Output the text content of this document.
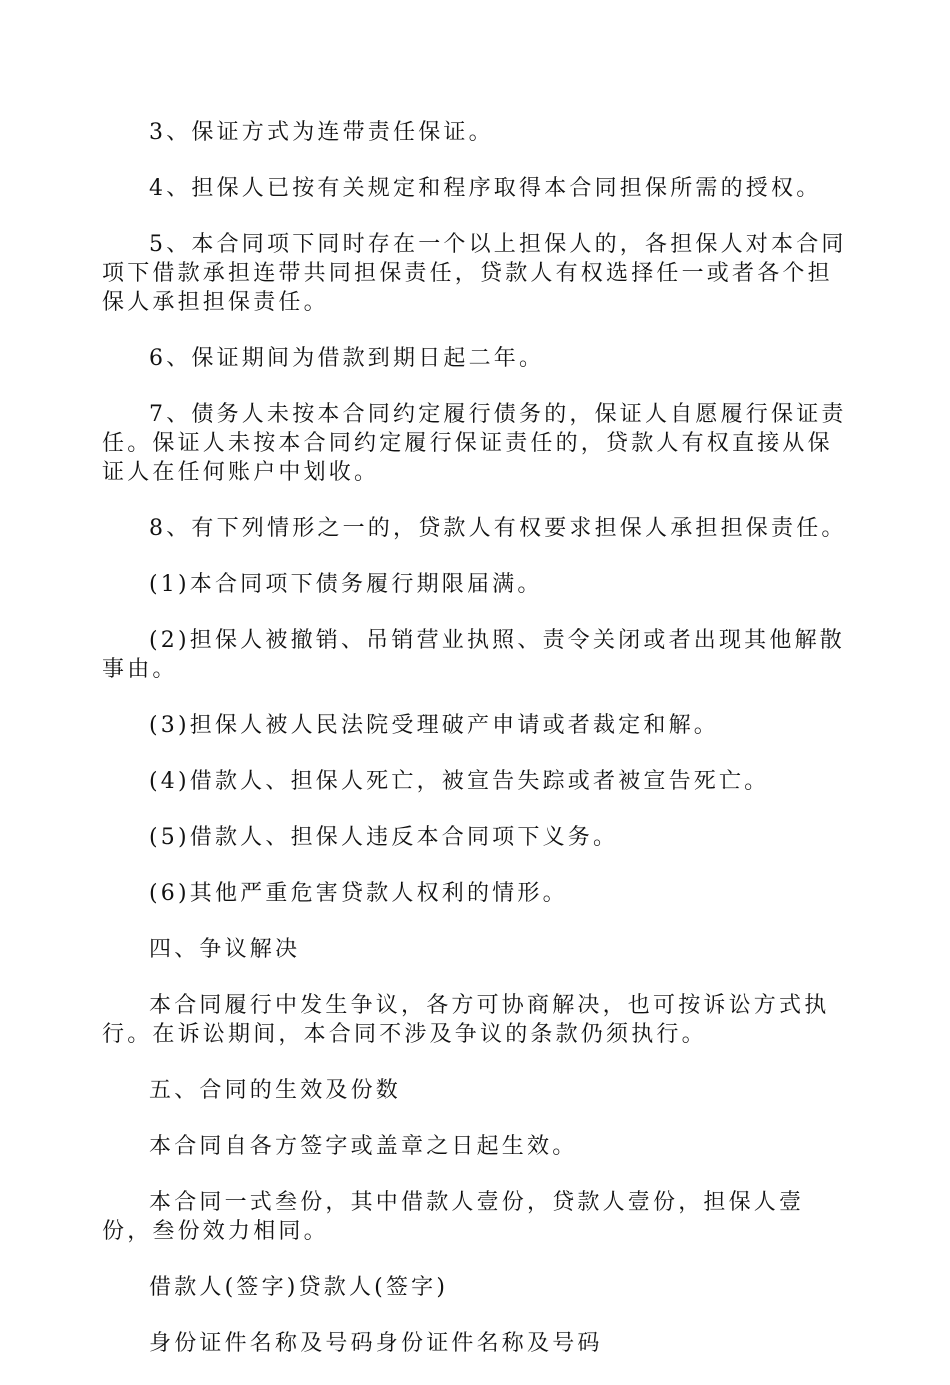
3、保证方式为连带责任保证。

4、担保人已按有关规定和程序取得本合同担保所需的授权。

5、本合同项下同时存在一个以上担保人的，各担保人对本合同项下借款承担连带共同担保责任，贷款人有权选择任一或者各个担保人承担担保责任。

6、保证期间为借款到期日起二年。

7、债务人未按本合同约定履行债务的，保证人自愿履行保证责任。保证人未按本合同约定履行保证责任的，贷款人有权直接从保证人在任何账户中划收。

8、有下列情形之一的，贷款人有权要求担保人承担担保责任。

(1)本合同项下债务履行期限届满。

(2)担保人被撤销、吊销营业执照、责令关闭或者出现其他解散事由。

(3)担保人被人民法院受理破产申请或者裁定和解。

(4)借款人、担保人死亡，被宣告失踪或者被宣告死亡。

(5)借款人、担保人违反本合同项下义务。

(6)其他严重危害贷款人权利的情形。

四、争议解决

本合同履行中发生争议，各方可协商解决，也可按诉讼方式执行。在诉讼期间，本合同不涉及争议的条款仍须执行。

五、合同的生效及份数

本合同自各方签字或盖章之日起生效。

本合同一式叁份，其中借款人壹份，贷款人壹份，担保人壹份，叁份效力相同。

借款人(签字)贷款人(签字)

身份证件名称及号码身份证件名称及号码
